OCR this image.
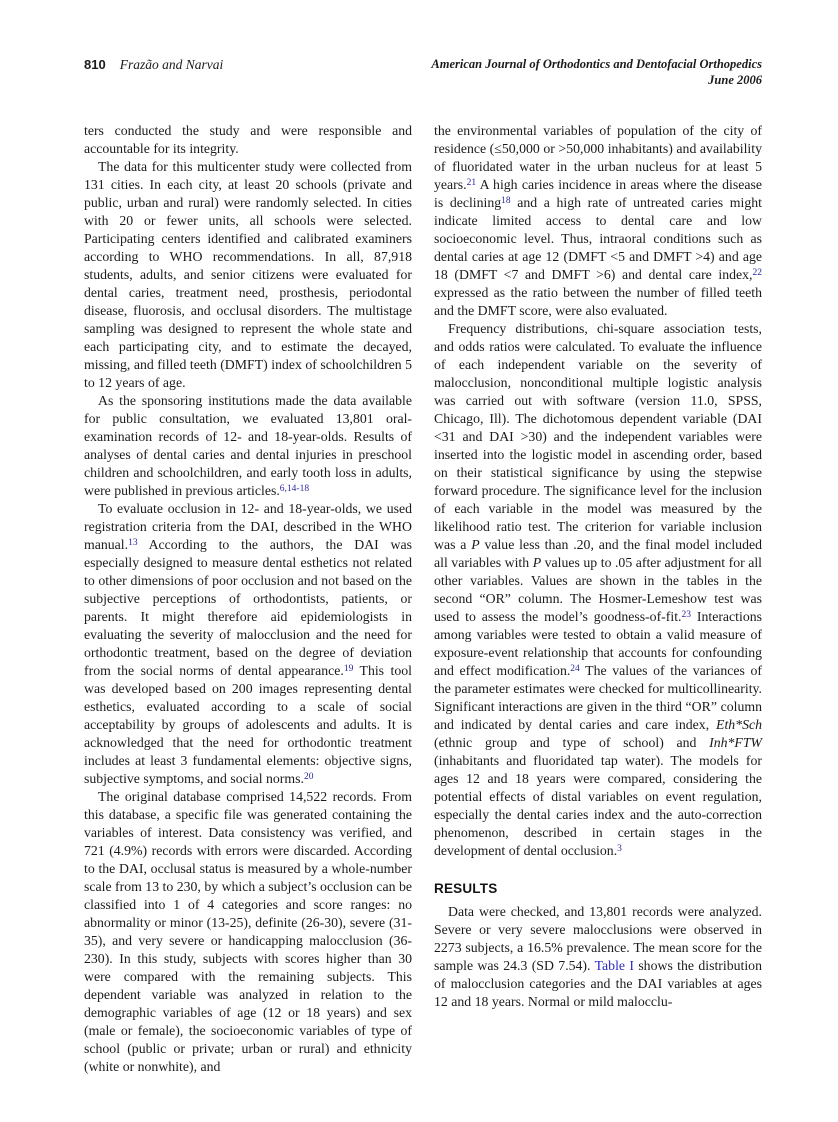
810 Frazão and Narvai	American Journal of Orthodontics and Dentofacial Orthopedics
June 2006

ters conducted the study and were responsible and accountable for its integrity.

The data for this multicenter study were collected from 131 cities. In each city, at least 20 schools (private and public, urban and rural) were randomly selected. In cities with 20 or fewer units, all schools were selected. Participating centers identified and calibrated examiners according to WHO recommendations. In all, 87,918 students, adults, and senior citizens were evaluated for dental caries, treatment need, prosthesis, periodontal disease, fluorosis, and occlusal disorders. The multistage sampling was designed to represent the whole state and each participating city, and to estimate the decayed, missing, and filled teeth (DMFT) index of schoolchildren 5 to 12 years of age.

As the sponsoring institutions made the data available for public consultation, we evaluated 13,801 oral-examination records of 12- and 18-year-olds. Results of analyses of dental caries and dental injuries in preschool children and schoolchildren, and early tooth loss in adults, were published in previous articles.$^{6,14-18}$

To evaluate occlusion in 12- and 18-year-olds, we used registration criteria from the DAI, described in the WHO manual.$^{13}$ According to the authors, the DAI was especially designed to measure dental esthetics not related to other dimensions of poor occlusion and not based on the subjective perceptions of orthodontists, patients, or parents. It might therefore aid epidemiologists in evaluating the severity of malocclusion and the need for orthodontic treatment, based on the degree of deviation from the social norms of dental appearance.$^{19}$ This tool was developed based on 200 images representing dental esthetics, evaluated according to a scale of social acceptability by groups of adolescents and adults. It is acknowledged that the need for orthodontic treatment includes at least 3 fundamental elements: objective signs, subjective symptoms, and social norms.$^{20}$

The original database comprised 14,522 records. From this database, a specific file was generated containing the variables of interest. Data consistency was verified, and 721 (4.9%) records with errors were discarded. According to the DAI, occlusal status is measured by a whole-number scale from 13 to 230, by which a subject’s occlusion can be classified into 1 of 4 categories and score ranges: no abnormality or minor (13-25), definite (26-30), severe (31-35), and very severe or handicapping malocclusion (36-230). In this study, subjects with scores higher than 30 were compared with the remaining subjects. This dependent variable was analyzed in relation to the demographic variables of age (12 or 18 years) and sex (male or female), the socioeconomic variables of type of school (public or private; urban or rural) and ethnicity (white or nonwhite), and

the environmental variables of population of the city of residence (≤50,000 or >50,000 inhabitants) and availability of fluoridated water in the urban nucleus for at least 5 years.$^{21}$ A high caries incidence in areas where the disease is declining$^{18}$ and a high rate of untreated caries might indicate limited access to dental care and low socioeconomic level. Thus, intraoral conditions such as dental caries at age 12 (DMFT <5 and DMFT >4) and age 18 (DMFT <7 and DMFT >6) and dental care index,$^{22}$ expressed as the ratio between the number of filled teeth and the DMFT score, were also evaluated.

Frequency distributions, chi-square association tests, and odds ratios were calculated. To evaluate the influence of each independent variable on the severity of malocclusion, nonconditional multiple logistic analysis was carried out with software (version 11.0, SPSS, Chicago, Ill). The dichotomous dependent variable (DAI <31 and DAI >30) and the independent variables were inserted into the logistic model in ascending order, based on their statistical significance by using the stepwise forward procedure. The significance level for the inclusion of each variable in the model was measured by the likelihood ratio test. The criterion for variable inclusion was a P value less than .20, and the final model included all variables with P values up to .05 after adjustment for all other variables. Values are shown in the tables in the second “OR” column. The Hosmer-Lemeshow test was used to assess the model’s goodness-of-fit.$^{23}$ Interactions among variables were tested to obtain a valid measure of exposure-event relationship that accounts for confounding and effect modification.$^{24}$ The values of the variances of the parameter estimates were checked for multicollinearity. Significant interactions are given in the third “OR” column and indicated by dental caries and care index, Eth*Sch (ethnic group and type of school) and Inh*FTW (inhabitants and fluoridated tap water). The models for ages 12 and 18 years were compared, considering the potential effects of distal variables on event regulation, especially the dental caries index and the auto-correction phenomenon, described in certain stages in the development of dental occlusion.$^3$

RESULTS

Data were checked, and 13,801 records were analyzed. Severe or very severe malocclusions were observed in 2273 subjects, a 16.5% prevalence. The mean score for the sample was 24.3 (SD 7.54). Table I shows the distribution of malocclusion categories and the DAI variables at ages 12 and 18 years. Normal or mild malocclu-
